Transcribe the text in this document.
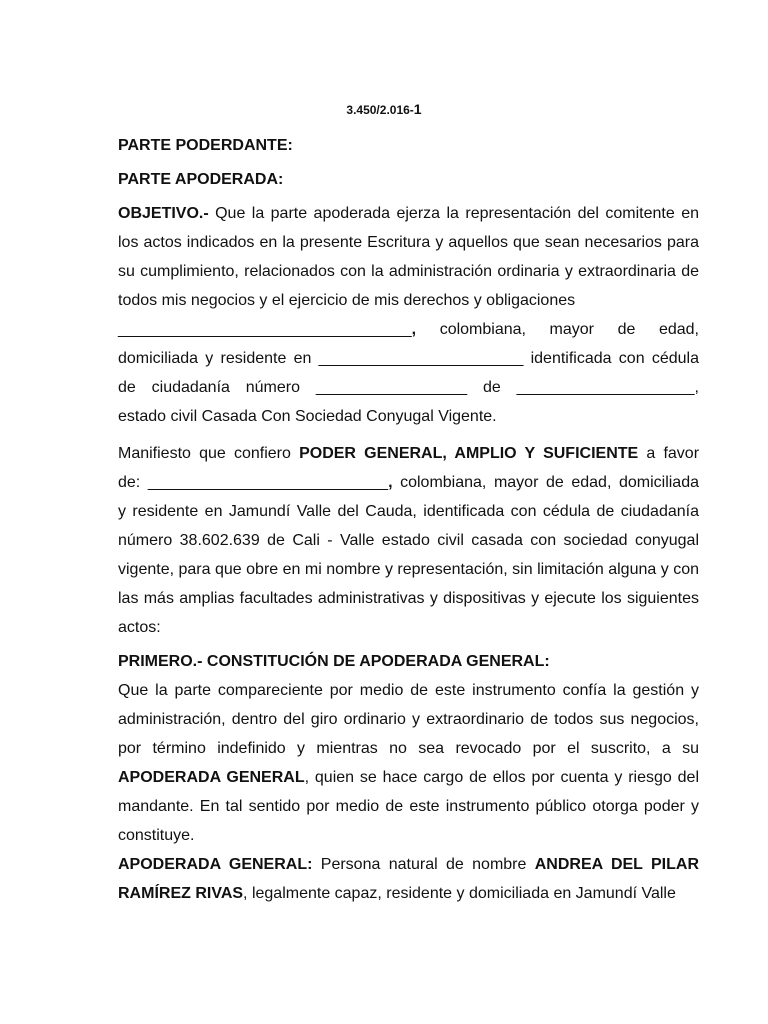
3.450/2.016-1

PARTE PODERDANTE:

PARTE APODERADA:

OBJETIVO.- Que la parte apoderada ejerza la representación del comitente en los actos indicados en la presente Escritura y aquellos que sean necesarios para su cumplimiento, relacionados con la administración ordinaria y extraordinaria de todos mis negocios y el ejercicio de mis derechos y obligaciones

_________________________________, colombiana, mayor de edad,

domiciliada y residente en _______________________ identificada con cédula

de ciudadanía número _________________ de ____________________,

estado civil Casada Con Sociedad Conyugal Vigente.

Manifiesto que confiero PODER GENERAL, AMPLIO Y SUFICIENTE a favor

de: ___________________________, colombiana, mayor de edad, domiciliada

y residente en Jamundí Valle del Cauda, identificada con cédula de ciudadanía número 38.602.639 de Cali - Valle estado civil casada con sociedad conyugal vigente, para que obre en mi nombre y representación, sin limitación alguna y con las más amplias facultades administrativas y dispositivas y ejecute los siguientes actos:

PRIMERO.- CONSTITUCIÓN DE APODERADA GENERAL:

Que la parte compareciente por medio de este instrumento confía la gestión y administración, dentro del giro ordinario y extraordinario de todos sus negocios, por término indefinido y mientras no sea revocado por el suscrito, a su APODERADA GENERAL, quien se hace cargo de ellos por cuenta y riesgo del mandante. En tal sentido por medio de este instrumento público otorga poder y constituye.

APODERADA GENERAL: Persona natural de nombre ANDREA DEL PILAR RAMÍREZ RIVAS, legalmente capaz, residente y domiciliada en Jamundí Valle
